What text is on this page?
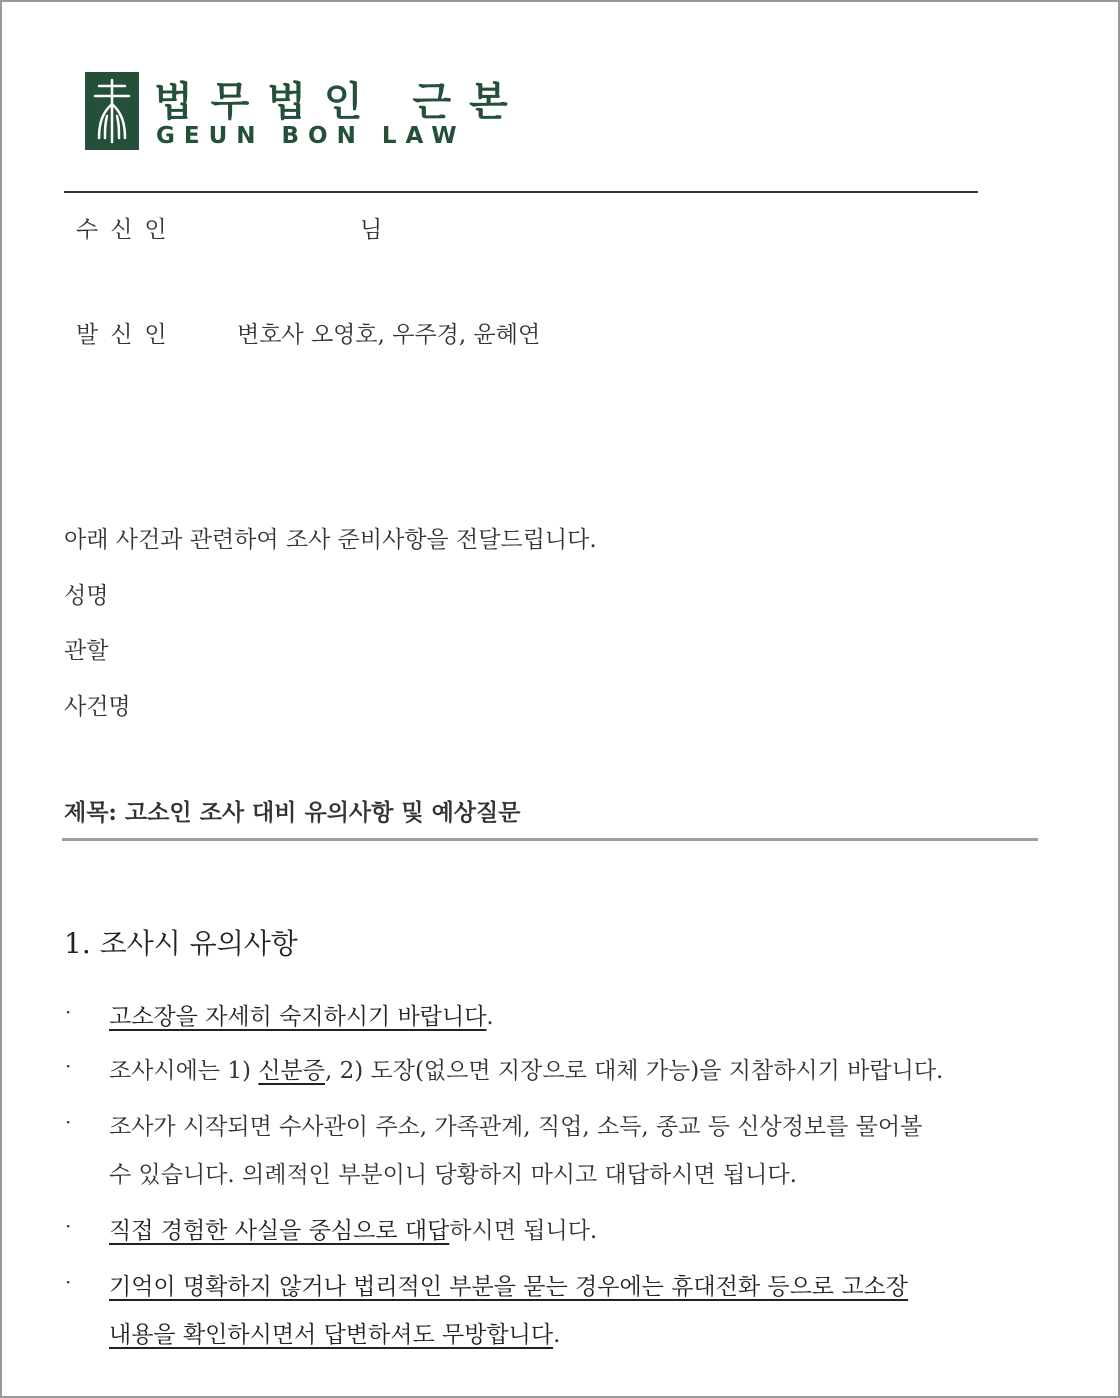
법무법인 근본
GEUN BON LAW
수신인	님
발신인	변호사 오영호, 우주경, 윤혜연
아래 사건과 관련하여 조사 준비사항을 전달드립니다.
성명
관할
사건명
제목: 고소인 조사 대비 유의사항 및 예상질문
1. 조사시 유의사항
· 고소장을 자세히 숙지하시기 바랍니다.
· 조사시에는 1) 신분증, 2) 도장(없으면 지장으로 대체 가능)을 지참하시기 바랍니다.
· 조사가 시작되면 수사관이 주소, 가족관계, 직업, 소득, 종교 등 신상정보를 물어볼
수 있습니다. 의례적인 부분이니 당황하지 마시고 대답하시면 됩니다.
· 직접 경험한 사실을 중심으로 대답하시면 됩니다.
· 기억이 명확하지 않거나 법리적인 부분을 묻는 경우에는 휴대전화 등으로 고소장
내용을 확인하시면서 답변하셔도 무방합니다.
